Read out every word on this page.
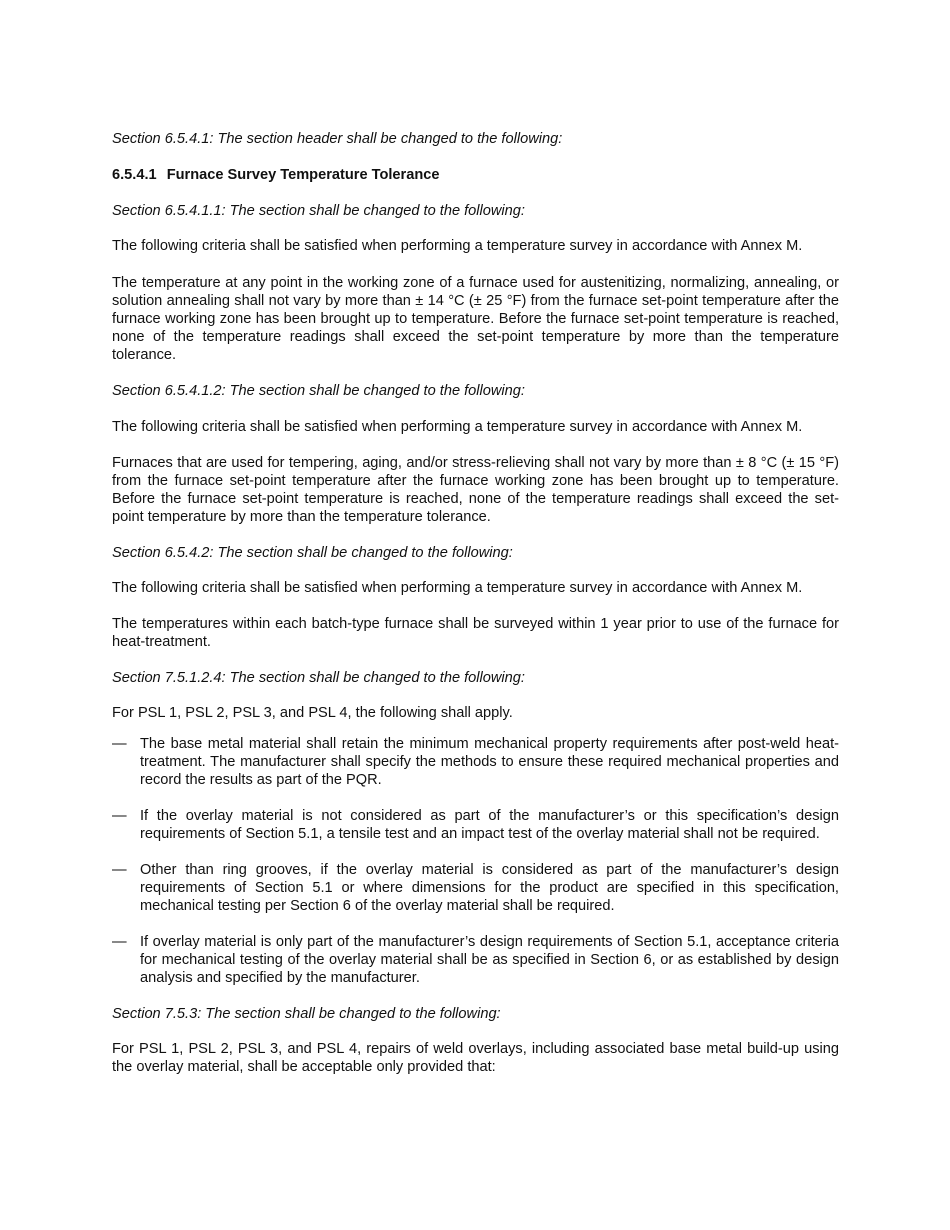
Section 6.5.4.1: The section header shall be changed to the following:

6.5.4.1 Furnace Survey Temperature Tolerance

Section 6.5.4.1.1: The section shall be changed to the following:

The following criteria shall be satisfied when performing a temperature survey in accordance with Annex M.

The temperature at any point in the working zone of a furnace used for austenitizing, normalizing, annealing, or solution annealing shall not vary by more than ± 14 °C (± 25 °F) from the furnace set-point temperature after the furnace working zone has been brought up to temperature. Before the furnace set-point temperature is reached, none of the temperature readings shall exceed the set-point temperature by more than the temperature tolerance.

Section 6.5.4.1.2: The section shall be changed to the following:

The following criteria shall be satisfied when performing a temperature survey in accordance with Annex M.

Furnaces that are used for tempering, aging, and/or stress-relieving shall not vary by more than ± 8 °C (± 15 °F) from the furnace set-point temperature after the furnace working zone has been brought up to temperature. Before the furnace set-point temperature is reached, none of the temperature readings shall exceed the set-point temperature by more than the temperature tolerance.

Section 6.5.4.2: The section shall be changed to the following:

The following criteria shall be satisfied when performing a temperature survey in accordance with Annex M.

The temperatures within each batch-type furnace shall be surveyed within 1 year prior to use of the furnace for heat-treatment.

Section 7.5.1.2.4: The section shall be changed to the following:

For PSL 1, PSL 2, PSL 3, and PSL 4, the following shall apply.

— The base metal material shall retain the minimum mechanical property requirements after post-weld heat-treatment. The manufacturer shall specify the methods to ensure these required mechanical properties and record the results as part of the PQR.
— If the overlay material is not considered as part of the manufacturer’s or this specification’s design requirements of Section 5.1, a tensile test and an impact test of the overlay material shall not be required.
— Other than ring grooves, if the overlay material is considered as part of the manufacturer’s design requirements of Section 5.1 or where dimensions for the product are specified in this specification, mechanical testing per Section 6 of the overlay material shall be required.
— If overlay material is only part of the manufacturer’s design requirements of Section 5.1, acceptance criteria for mechanical testing of the overlay material shall be as specified in Section 6, or as established by design analysis and specified by the manufacturer.

Section 7.5.3: The section shall be changed to the following:

For PSL 1, PSL 2, PSL 3, and PSL 4, repairs of weld overlays, including associated base metal build-up using the overlay material, shall be acceptable only provided that:
